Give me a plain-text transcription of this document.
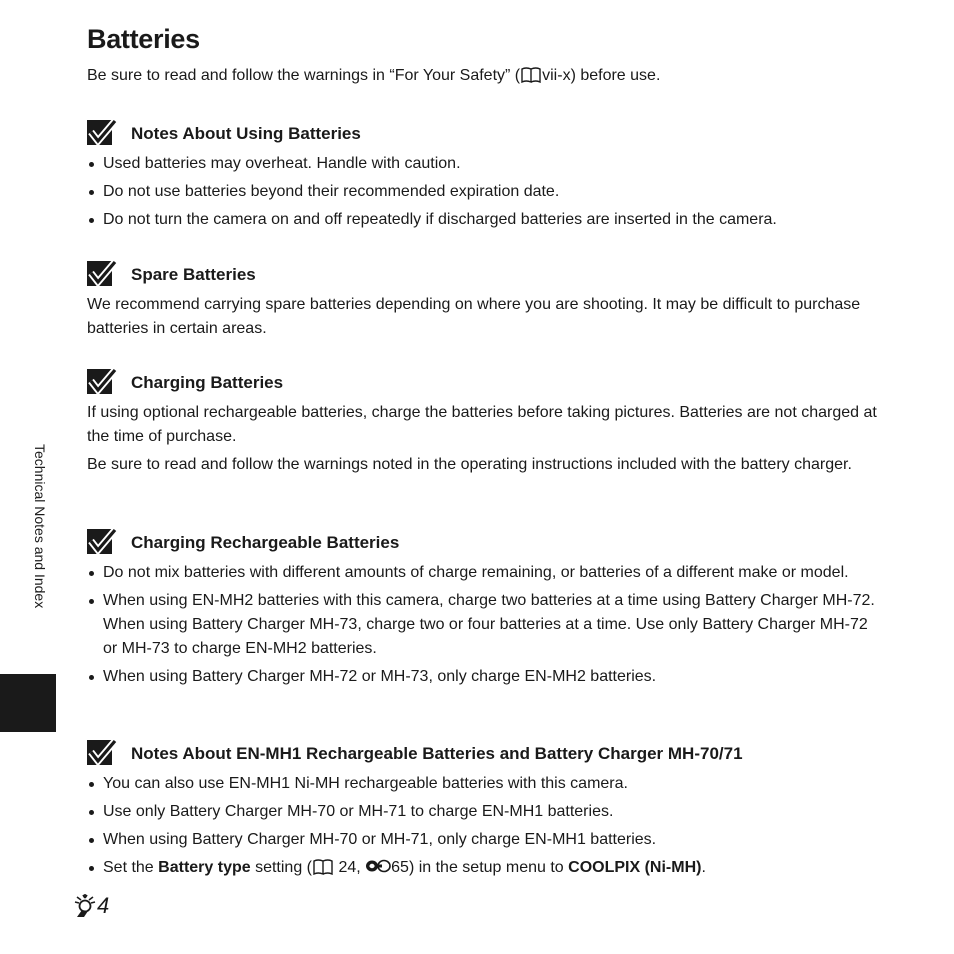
Batteries

Be sure to read and follow the warnings in “For Your Safety” ( vii-x) before use.

Notes About Using Batteries
Used batteries may overheat. Handle with caution.
Do not use batteries beyond their recommended expiration date.
Do not turn the camera on and off repeatedly if discharged batteries are inserted in the camera.
Spare Batteries

We recommend carrying spare batteries depending on where you are shooting. It may be difficult to purchase batteries in certain areas.

Charging Batteries

If using optional rechargeable batteries, charge the batteries before taking pictures. Batteries are not charged at the time of purchase.

Be sure to read and follow the warnings noted in the operating instructions included with the battery charger.

Charging Rechargeable Batteries
Do not mix batteries with different amounts of charge remaining, or batteries of a different make or model.
When using EN-MH2 batteries with this camera, charge two batteries at a time using Battery Charger MH-72. When using Battery Charger MH-73, charge two or four batteries at a time. Use only Battery Charger MH-72 or MH-73 to charge EN-MH2 batteries.
When using Battery Charger MH-72 or MH-73, only charge EN-MH2 batteries.
Notes About EN-MH1 Rechargeable Batteries and Battery Charger MH-70/71
You can also use EN-MH1 Ni-MH rechargeable batteries with this camera.
Use only Battery Charger MH-70 or MH-71 to charge EN-MH1 batteries.
When using Battery Charger MH-70 or MH-71, only charge EN-MH1 batteries.
Set the Battery type setting ( 24, 65) in the setup menu to COOLPIX (Ni-MH).
Technical Notes and Index
4
